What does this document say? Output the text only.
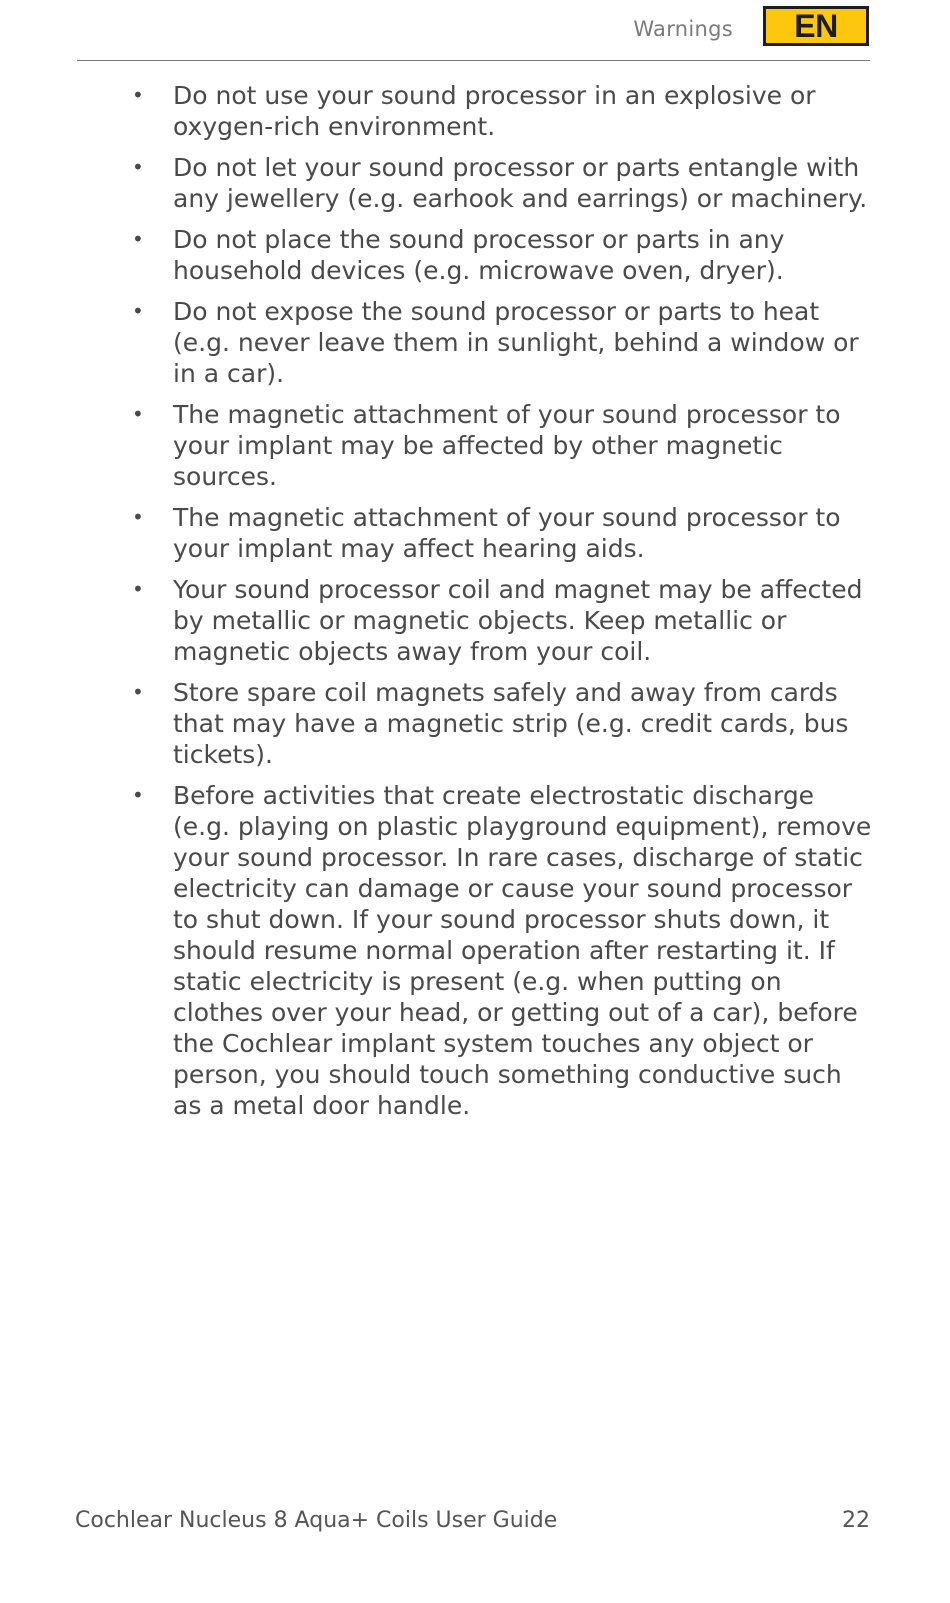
Warnings	EN
• Do not use your sound processor in an explosive or oxygen-rich environment.
• Do not let your sound processor or parts entangle with any jewellery (e.g. earhook and earrings) or machinery.
• Do not place the sound processor or parts in any household devices (e.g. microwave oven, dryer).
• Do not expose the sound processor or parts to heat (e.g. never leave them in sunlight, behind a window or in a car).
• The magnetic attachment of your sound processor to your implant may be affected by other magnetic sources.
• The magnetic attachment of your sound processor to your implant may affect hearing aids.
• Your sound processor coil and magnet may be affected by metallic or magnetic objects. Keep metallic or magnetic objects away from your coil.
• Store spare coil magnets safely and away from cards that may have a magnetic strip (e.g. credit cards, bus tickets).
• Before activities that create electrostatic discharge (e.g. playing on plastic playground equipment), remove your sound processor. In rare cases, discharge of static electricity can damage or cause your sound processor to shut down. If your sound processor shuts down, it should resume normal operation after restarting it. If static electricity is present (e.g. when putting on clothes over your head, or getting out of a car), before the Cochlear implant system touches any object or person, you should touch something conductive such as a metal door handle.
Cochlear Nucleus 8 Aqua+ Coils User Guide	22
